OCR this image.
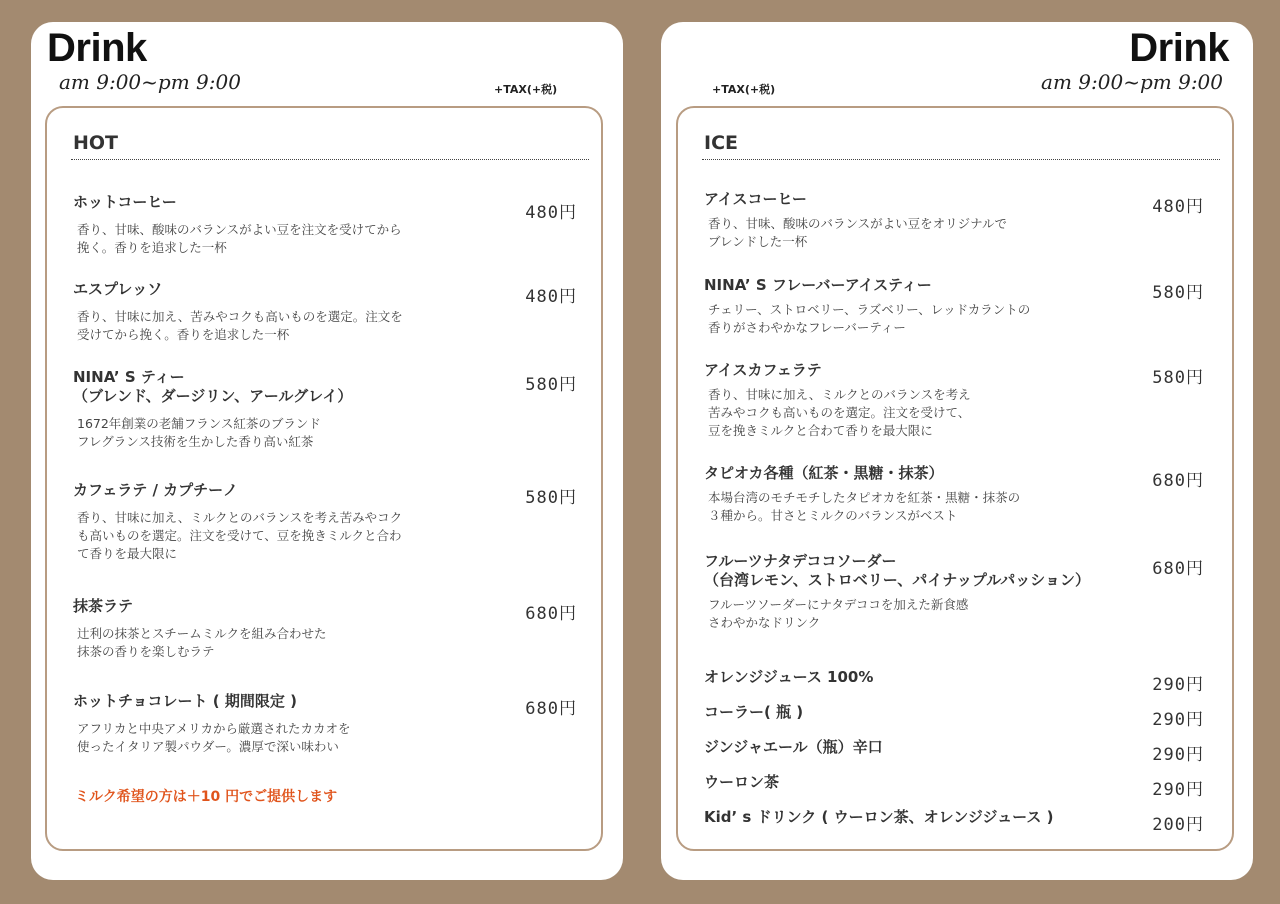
Drink
am 9:00~pm 9:00	+TAX(+税)
HOT
ホットコーヒー
香り、甘味、酸味のバランスがよい豆を注文を受けてから
挽く。香りを追求した一杯
480円
エスプレッソ
香り、甘味に加え、苦みやコクも高いものを選定。注文を
受けてから挽く。香りを追求した一杯
480円
NINA’ S ティー
（ブレンド、ダージリン、アールグレイ）
1672年創業の老舗フランス紅茶のブランド
フレグランス技術を生かした香り高い紅茶
580円
カフェラテ / カプチーノ
香り、甘味に加え、ミルクとのバランスを考え苦みやコク
も高いものを選定。注文を受けて、豆を挽きミルクと合わ
て香りを最大限に
580円
抹茶ラテ
辻利の抹茶とスチームミルクを組み合わせた
抹茶の香りを楽しむラテ
680円
ホットチョコレート ( 期間限定 )
アフリカと中央アメリカから厳選されたカカオを
使ったイタリア製パウダー。濃厚で深い味わい
680円
ミルク希望の方は＋10 円でご提供します
Drink
am 9:00~pm 9:00
+TAX(+税)
ICE
アイスコーヒー
香り、甘味、酸味のバランスがよい豆をオリジナルで
ブレンドした一杯
480円
NINA’ S フレーバーアイスティー
チェリー、ストロベリー、ラズベリー、レッドカラントの
香りがさわやかなフレーバーティー
580円
アイスカフェラテ
香り、甘味に加え、ミルクとのバランスを考え
苦みやコクも高いものを選定。注文を受けて、
豆を挽きミルクと合わて香りを最大限に
580円
タピオカ各種（紅茶・黒糖・抹茶）
本場台湾のモチモチしたタピオカを紅茶・黒糖・抹茶の
３種から。甘さとミルクのバランスがベスト
680円
フルーツナタデココソーダー
（台湾レモン、ストロベリー、パイナップルパッション）
フルーツソーダーにナタデココを加えた新食感
さわやかなドリンク
680円
オレンジジュース 100%	290円
コーラー( 瓶 )	290円
ジンジャエール（瓶）辛口	290円
ウーロン茶	290円
Kid’ s ドリンク ( ウーロン茶、オレンジジュース )	200円
